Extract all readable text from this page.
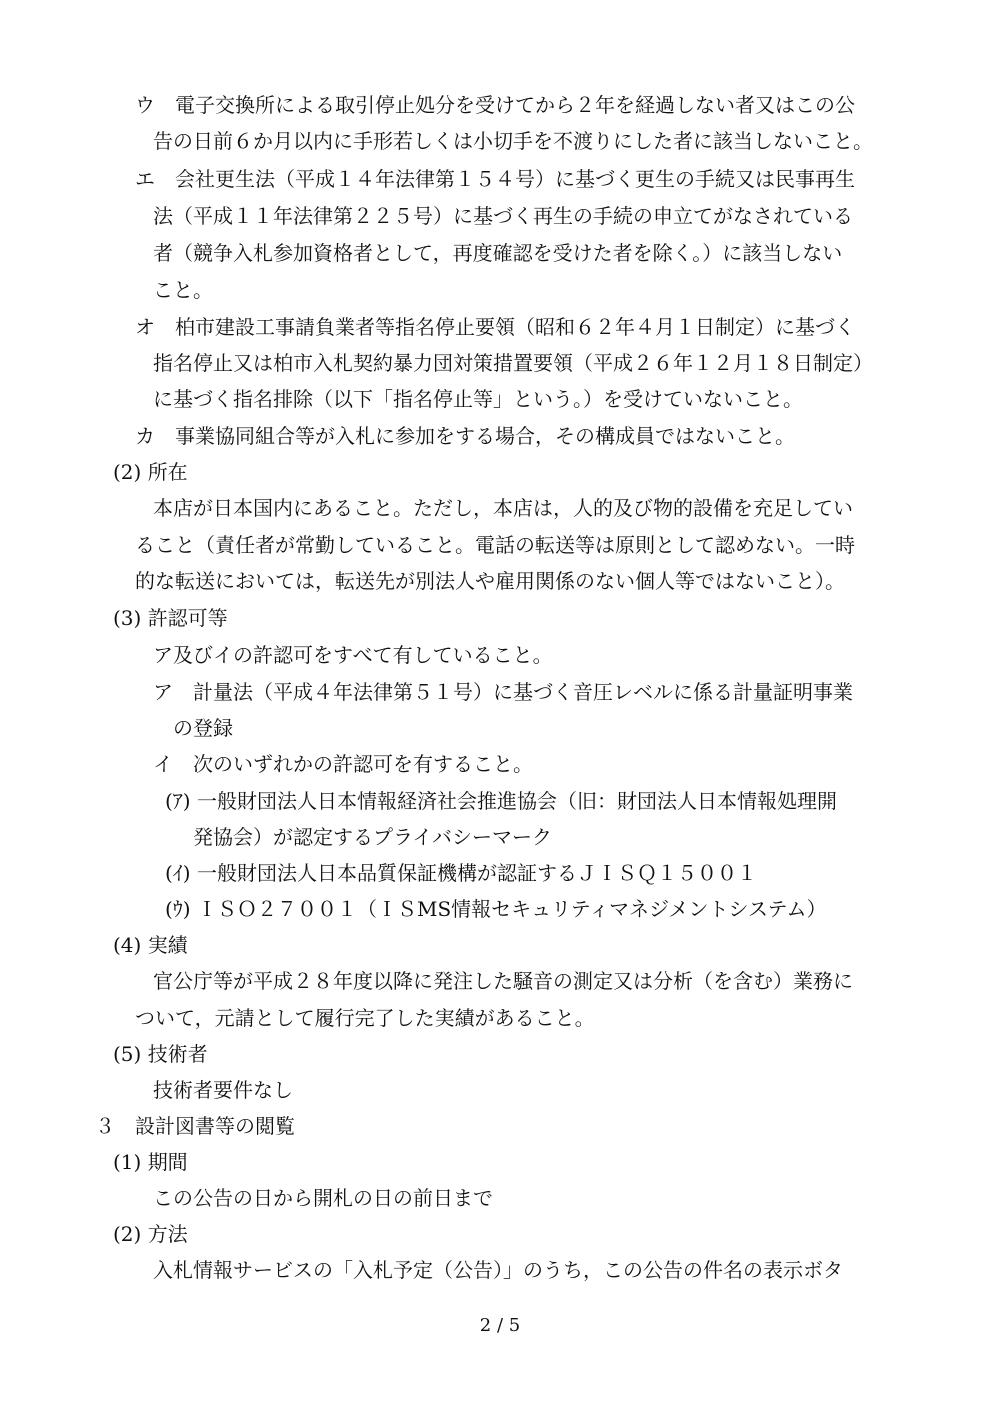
ウ　電子交換所による取引停止処分を受けてから２年を経過しない者又はこの公
告の日前６か月以内に手形若しくは小切手を不渡りにした者に該当しないこと。
エ　会社更生法（平成１４年法律第１５４号）に基づく更生の手続又は民事再生
法（平成１１年法律第２２５号）に基づく再生の手続の申立てがなされている
者（競争入札参加資格者として，再度確認を受けた者を除く。）に該当しない
こと。
オ　柏市建設工事請負業者等指名停止要領（昭和６２年４月１日制定）に基づく
指名停止又は柏市入札契約暴力団対策措置要領（平成２６年１２月１８日制定）
に基づく指名排除（以下「指名停止等」という。）を受けていないこと。
カ　事業協同組合等が入札に参加をする場合，その構成員ではないこと。
(2) 所在
本店が日本国内にあること。ただし，本店は，人的及び物的設備を充足してい
ること（責任者が常勤していること。電話の転送等は原則として認めない。一時
的な転送においては，転送先が別法人や雇用関係のない個人等ではないこと）。
(3) 許認可等
ア及びイの許認可をすべて有していること。
ア　計量法（平成４年法律第５１号）に基づく音圧レベルに係る計量証明事業
の登録
イ　次のいずれかの許認可を有すること。
(ｱ) 一般財団法人日本情報経済社会推進協会（旧：財団法人日本情報処理開
発協会）が認定するプライバシーマーク
(ｲ) 一般財団法人日本品質保証機構が認証するＪＩＳＱ１５００１
(ｳ) ＩＳＯ２７００１（ＩＳMS情報セキュリティマネジメントシステム）
(4) 実績
官公庁等が平成２８年度以降に発注した騒音の測定又は分析（を含む）業務に
ついて，元請として履行完了した実績があること。
(5) 技術者
技術者要件なし
３　設計図書等の閲覧
(1) 期間
この公告の日から開札の日の前日まで
(2) 方法
入札情報サービスの「入札予定（公告）」のうち，この公告の件名の表示ボタ
2 / 5
